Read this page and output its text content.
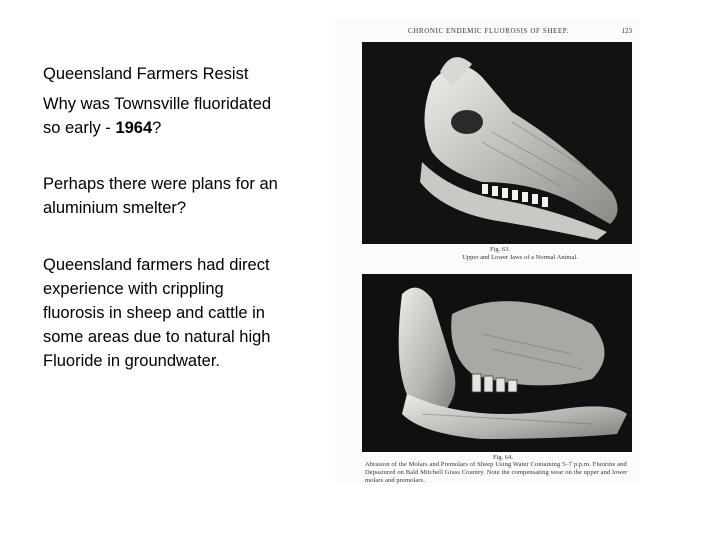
Queensland Farmers Resist

Why was Townsville fluoridated so early - 1964?

Perhaps there were plans for an aluminium smelter?

Queensland farmers had direct experience with crippling fluorosis in sheep and cattle in some areas due to natural high Fluoride in groundwater.

CHRONIC ENDEMIC FLUOROSIS OF SHEEP.	123
Fig. 63.
Upper and Lower Jaws of a Normal Animal.
Fig. 64.
Abrasion of the Molars and Premolars of Sheep Using Water Containing 5–7 p.p.m. Fluorine and Depastured on Bald Mitchell Grass Country. Note the compensating wear on the upper and lower molars and premolars.
